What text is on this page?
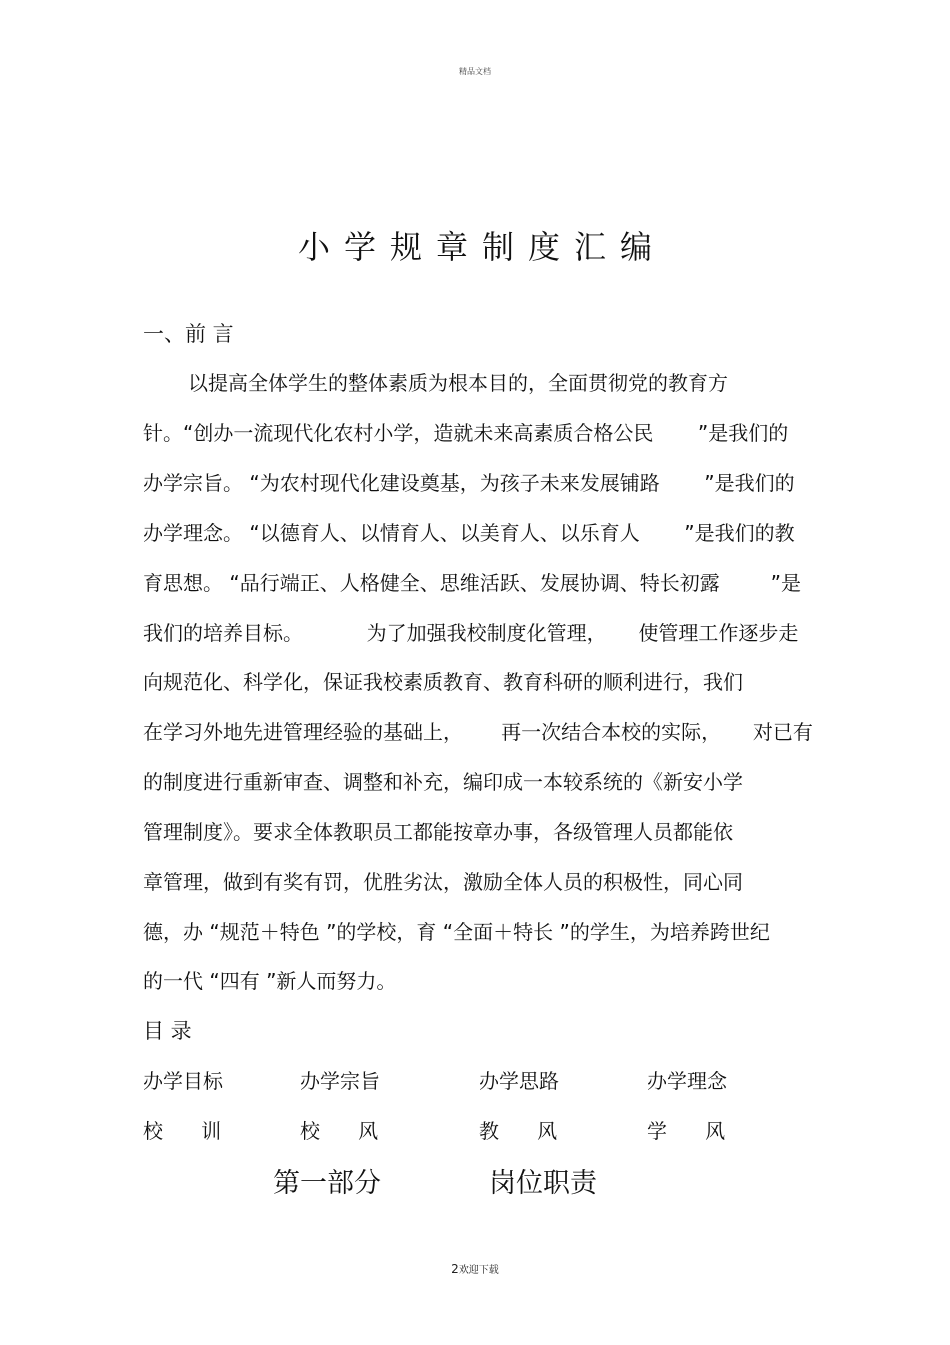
精品文档
小学规章制度汇编
一、前 言
以提高全体学生的整体素质为根本目的，全面贯彻党的教育方
针。“创办一流现代化农村小学，造就未来高素质合格公民       ”是我们的
办学宗旨。 “为农村现代化建设奠基，为孩子未来发展铺路       ”是我们的
办学理念。 “以德育人、以情育人、以美育人、以乐育人       ”是我们的教
育思想。 “品行端正、人格健全、思维活跃、发展协调、特长初露        ”是
我们的培养目标。          为了加强我校制度化管理，     使管理工作逐步走
向规范化、科学化，保证我校素质教育、教育科研的顺利进行，我们
在学习外地先进管理经验的基础上，      再一次结合本校的实际，     对已有
的制度进行重新审查、调整和补充，编印成一本较系统的《新安小学
管理制度》。要求全体教职员工都能按章办事，各级管理人员都能依
章管理，做到有奖有罚，优胜劣汰，激励全体人员的积极性，同心同
德，办 “规范＋特色 ”的学校，育 “全面＋特长 ”的学生，为培养跨世纪
的一代 “四有 ”新人而努力。
目 录
办学目标	办学宗旨	办学思路	办学理念
校      训	校      风	教      风	学      风
第一部分	岗位职责
2欢迎下载
